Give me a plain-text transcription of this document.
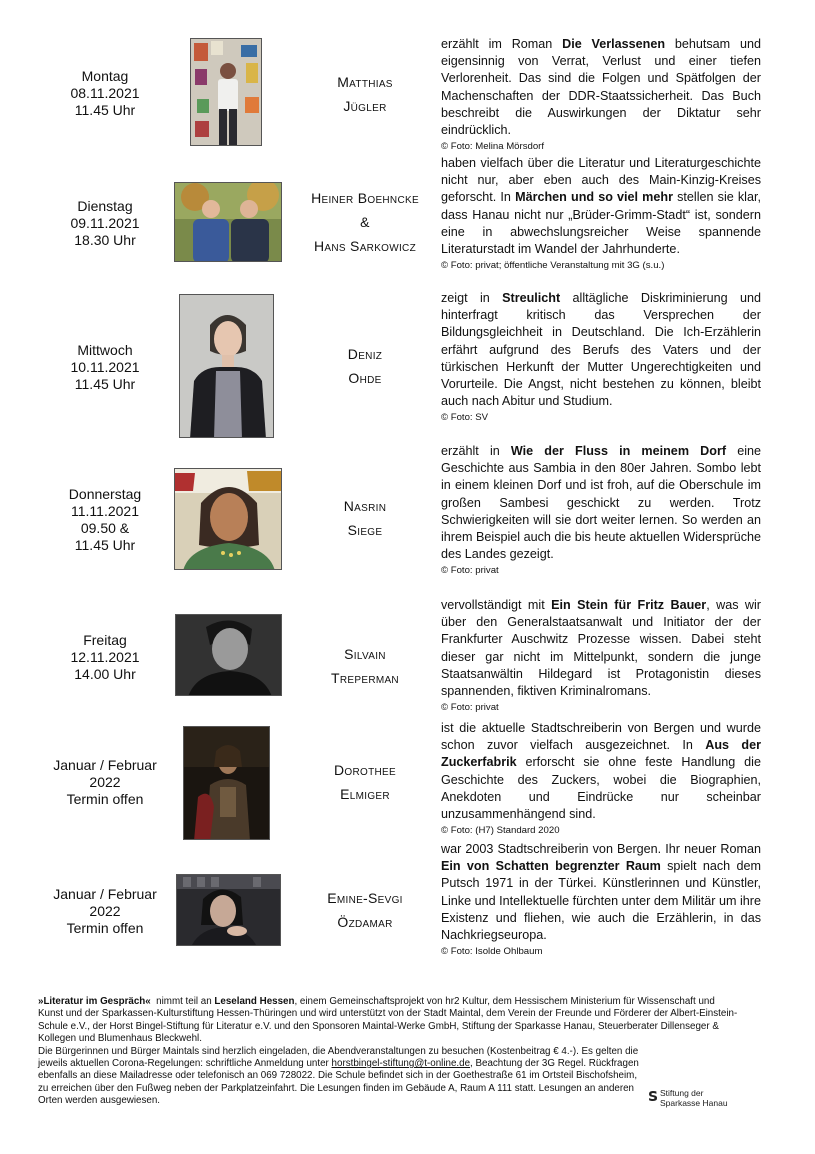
Montag
08.11.2021
11.45 Uhr
Matthias
Jügler
erzählt im Roman Die Verlassenen behutsam und eigensinnig von Verrat, Verlust und einer tiefen Verlorenheit. Das sind die Folgen und Spätfolgen der Machenschaften der DDR-Staatssicherheit. Das Buch beschreibt die Auswirkungen der Diktatur sehr eindrücklich.
© Foto: Melina Mörsdorf
Dienstag
09.11.2021
18.30 Uhr
Heiner Boehncke
&
Hans Sarkowicz
haben vielfach über die Literatur und Literaturgeschichte nicht nur, aber eben auch des Main-Kinzig-Kreises geforscht. In Märchen und so viel mehr stellen sie klar, dass Hanau nicht nur „Brüder-Grimm-Stadt“ ist, sondern eine in abwechslungsreicher Weise spannende Literaturstadt im Wandel der Jahrhunderte.
© Foto: privat; öffentliche Veranstaltung mit 3G (s.u.)
Mittwoch
10.11.2021
11.45 Uhr
Deniz
Ohde
zeigt in Streulicht alltägliche Diskriminierung und hinterfragt kritisch das Versprechen der Bildungsgleichheit in Deutschland. Die Ich-Erzählerin erfährt aufgrund des Berufs des Vaters und der türkischen Herkunft der Mutter Ungerechtigkeiten und Vorurteile. Die Angst, nicht bestehen zu können, bleibt auch nach Abitur und Studium.
© Foto: SV
Donnerstag
11.11.2021
09.50 &
11.45 Uhr
Nasrin
Siege
erzählt in Wie der Fluss in meinem Dorf eine Geschichte aus Sambia in den 80er Jahren. Sombo lebt in einem kleinen Dorf und ist froh, auf die Oberschule im großen Sambesi geschickt zu werden. Trotz Schwierigkeiten will sie dort weiter lernen. So werden an ihrem Beispiel auch die bis heute aktuellen Widersprüche des Landes gezeigt.
© Foto: privat
Freitag
12.11.2021
14.00 Uhr
Silvain
Treperman
vervollständigt mit Ein Stein für Fritz Bauer, was wir über den Generalstaatsanwalt und Initiator der der Frankfurter Auschwitz Prozesse wissen. Dabei steht dieser gar nicht im Mittelpunkt, sondern die junge Staatsanwältin Hildegard ist Protagonistin dieses spannenden, fiktiven Kriminalromans.
© Foto: privat
Januar / Februar
2022
Termin offen
Dorothee
Elmiger
ist die aktuelle Stadtschreiberin von Bergen und wurde schon zuvor vielfach ausgezeichnet. In Aus der Zuckerfabrik erforscht sie ohne feste Handlung die Geschichte des Zuckers, wobei die Biographien, Anekdoten und Eindrücke nur scheinbar unzusammenhängend sind.
© Foto: (H7) Standard 2020
Januar / Februar
2022
Termin offen
Emine-Sevgi
Özdamar
war 2003 Stadtschreiberin von Bergen. Ihr neuer Roman Ein von Schatten begrenzter Raum spielt nach dem Putsch 1971 in der Türkei. Künstlerinnen und Künstler, Linke und Intellektuelle fürchten unter dem Militär um ihre Existenz und fliehen, wie auch die Erzählerin, in das Nachkriegseuropa.
© Foto: Isolde Ohlbaum

»Literatur im Gespräch«  nimmt teil an Leseland Hessen, einem Gemeinschaftsprojekt von hr2 Kultur, dem Hessischem Ministerium für Wissenschaft und Kunst und der Sparkassen-Kulturstiftung Hessen-Thüringen und wird unterstützt von der Stadt Maintal, dem Verein der Freunde und Förderer der Albert-Einstein-Schule e.V., der Horst Bingel-Stiftung für Literatur e.V. und den Sponsoren Maintal-Werke GmbH, Stiftung der Sparkasse Hanau, Steuerberater Dillenseger & Kollegen und Blumenhaus Bleckwehl.

Die Bürgerinnen und Bürger Maintals sind herzlich eingeladen, die Abendveranstaltungen zu besuchen (Kostenbeitrag € 4.-). Es gelten die jeweils aktuellen Corona-Regelungen: schriftliche Anmeldung unter horstbingel-stiftung@t-online.de, Beachtung der 3G Regel. Rückfragen ebenfalls an diese Mailadresse oder telefonisch an 069 728022. Die Schule befindet sich in der Goethestraße 61 im Ortsteil Bischofsheim, zu erreichen über den Fußweg neben der Parkplatzeinfahrt. Die Lesungen finden im Gebäude A, Raum A 111 statt. Lesungen an anderen Orten werden ausgewiesen.	𝗦 Stiftung der
Sparkasse Hanau
